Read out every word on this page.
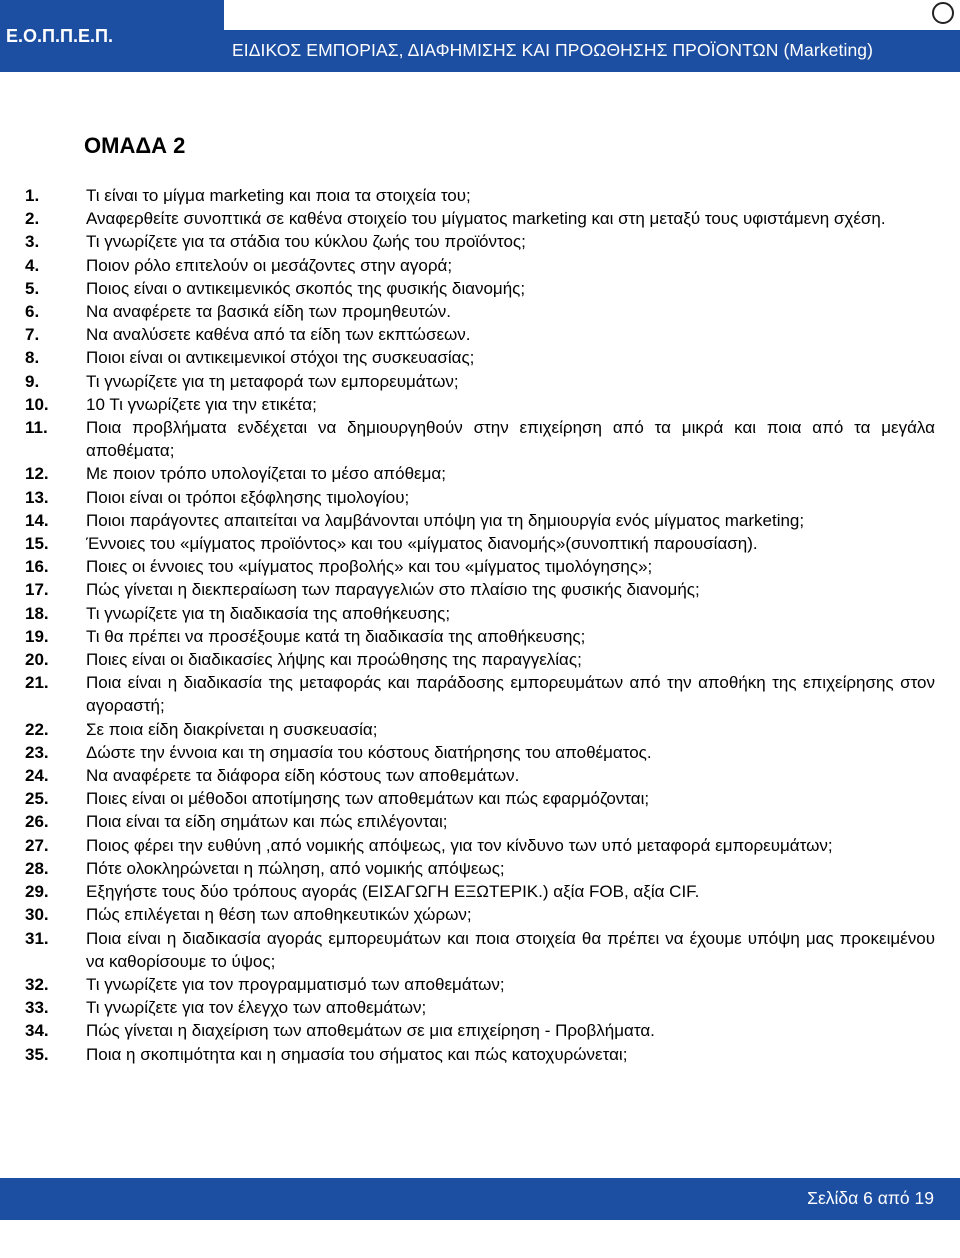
Ε.Ο.Π.Π.Ε.Π.
ΕΙΔΙΚΟΣ ΕΜΠΟΡΙΑΣ, ΔΙΑΦΗΜΙΣΗΣ ΚΑΙ ΠΡΟΩΘΗΣΗΣ ΠΡΟΪΟΝΤΩΝ (Marketing)
ΟΜΑΔΑ 2
1.	Τι είναι το μίγμα marketing και ποια τα στοιχεία του;
2.	Αναφερθείτε συνοπτικά σε καθένα στοιχείο του μίγματος marketing και στη μεταξύ τους υφιστάμενη σχέση.
3.	Τι γνωρίζετε για τα στάδια του κύκλου ζωής του προϊόντος;
4.	Ποιον ρόλο επιτελούν οι μεσάζοντες στην αγορά;
5.	Ποιος είναι ο αντικειμενικός σκοπός της φυσικής διανομής;
6.	Να αναφέρετε τα βασικά είδη των προμηθευτών.
7.	Να αναλύσετε καθένα από τα είδη των εκπτώσεων.
8.	Ποιοι είναι οι αντικειμενικοί στόχοι της συσκευασίας;
9.	Τι γνωρίζετε για τη μεταφορά των εμπορευμάτων;
10.	10 Τι γνωρίζετε για την ετικέτα;
11.	Ποια προβλήματα ενδέχεται να δημιουργηθούν στην επιχείρηση από τα μικρά και ποια από τα μεγάλα αποθέματα;
12.	Με ποιον τρόπο υπολογίζεται το μέσο απόθεμα;
13.	Ποιοι είναι οι τρόποι εξόφλησης τιμολογίου;
14.	Ποιοι παράγοντες απαιτείται να λαμβάνονται υπόψη για τη δημιουργία ενός μίγματος marketing;
15.	Έννοιες του «μίγματος προϊόντος» και του «μίγματος διανομής»(συνοπτική παρουσίαση).
16.	Ποιες οι έννοιες του «μίγματος προβολής» και του «μίγματος τιμολόγησης»;
17.	Πώς γίνεται η διεκπεραίωση των παραγγελιών στο πλαίσιο της φυσικής διανομής;
18.	Τι γνωρίζετε για τη διαδικασία της αποθήκευσης;
19.	Τι θα πρέπει να προσέξουμε κατά τη διαδικασία της αποθήκευσης;
20.	Ποιες είναι οι διαδικασίες λήψης και προώθησης της παραγγελίας;
21.	Ποια είναι η διαδικασία της μεταφοράς και παράδοσης εμπορευμάτων από την αποθήκη της επιχείρησης στον αγοραστή;
22.	Σε ποια είδη διακρίνεται η συσκευασία;
23.	Δώστε την έννοια και τη σημασία του κόστους διατήρησης του αποθέματος.
24.	Να αναφέρετε τα διάφορα είδη κόστους των αποθεμάτων.
25.	Ποιες είναι οι μέθοδοι αποτίμησης των αποθεμάτων και πώς εφαρμόζονται;
26.	Ποια είναι τα είδη σημάτων και πώς επιλέγονται;
27.	Ποιος φέρει την ευθύνη ,από νομικής απόψεως, για τον κίνδυνο των υπό μεταφορά εμπορευμάτων;
28.	Πότε ολοκληρώνεται η πώληση, από νομικής απόψεως;
29.	Εξηγήστε τους δύο τρόπους αγοράς (ΕΙΣΑΓΩΓΗ ΕΞΩΤΕΡΙΚ.) αξία FOB, αξία CIF.
30.	Πώς επιλέγεται η θέση των αποθηκευτικών χώρων;
31.	Ποια είναι η διαδικασία αγοράς εμπορευμάτων και ποια στοιχεία θα πρέπει να έχουμε υπόψη μας προκειμένου να καθορίσουμε το ύψος;
32.	Τι γνωρίζετε για τον προγραμματισμό των αποθεμάτων;
33.	Τι γνωρίζετε για τον έλεγχο των αποθεμάτων;
34.	Πώς γίνεται η διαχείριση των αποθεμάτων σε μια επιχείρηση - Προβλήματα.
35.	Ποια η σκοπιμότητα και η σημασία του σήματος και πώς κατοχυρώνεται;
Σελίδα 6 από 19
